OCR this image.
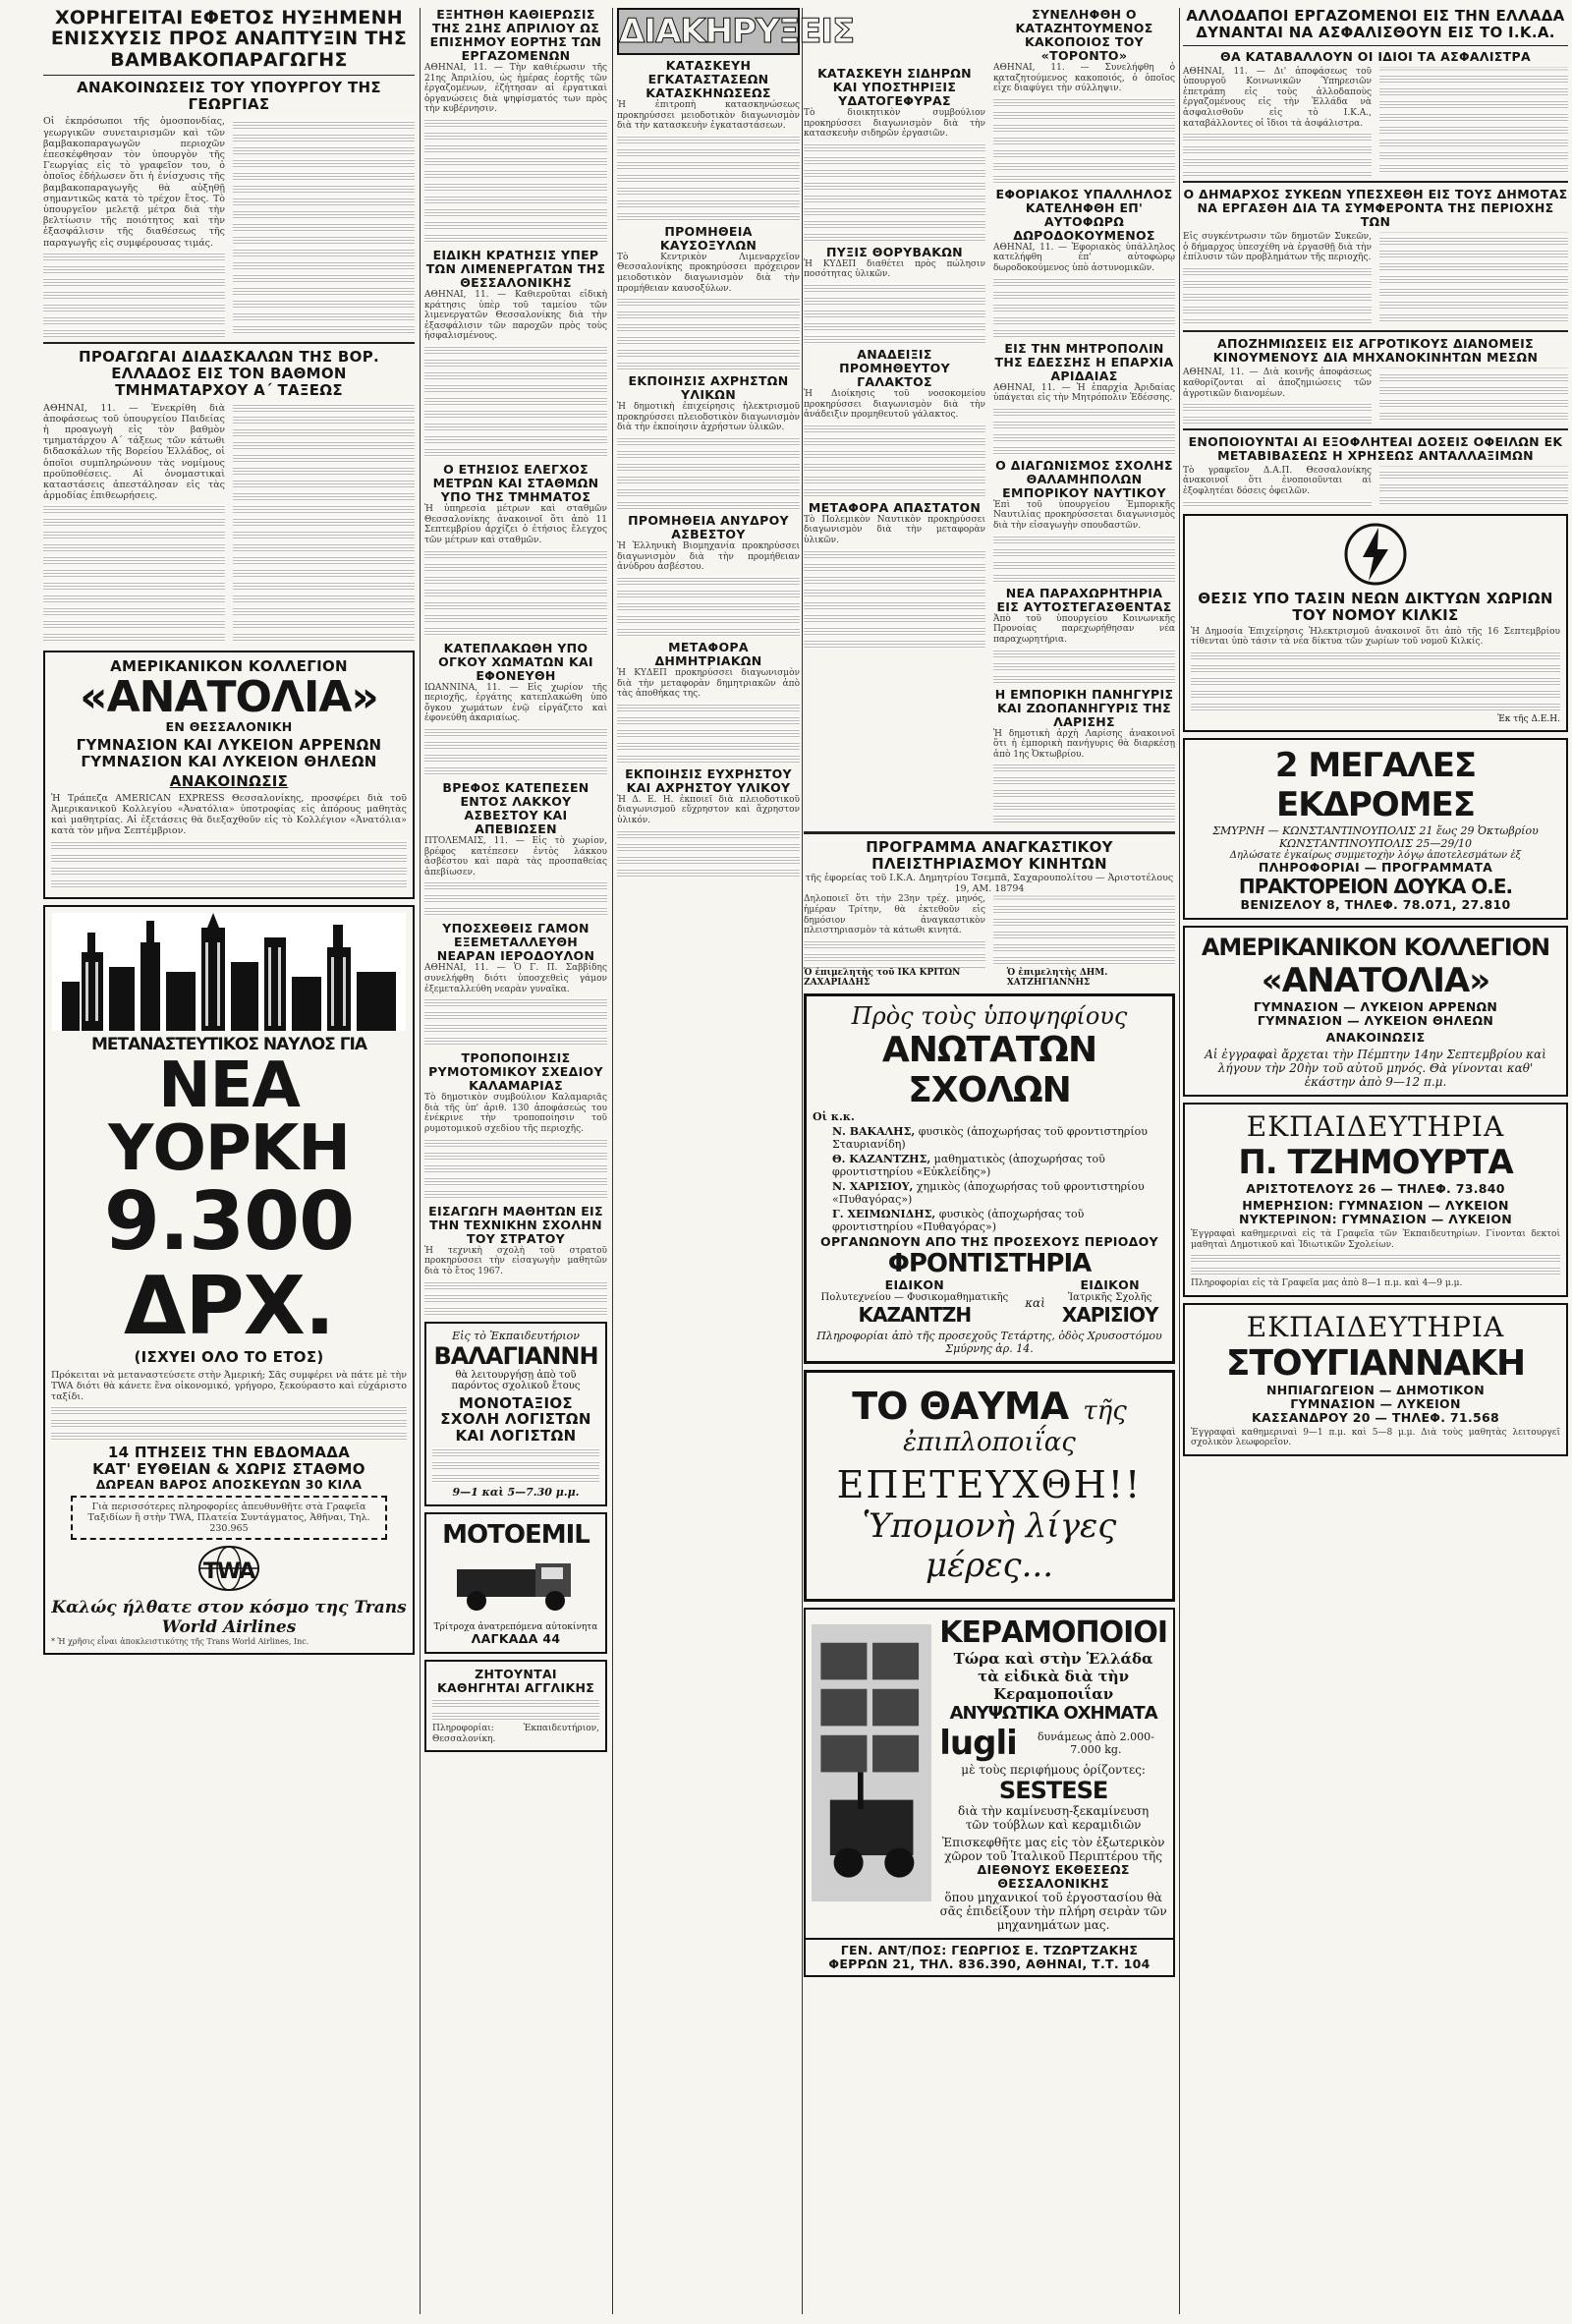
ΧΟΡΗΓΕΙΤΑΙ ΕΦΕΤΟΣ ΗΥΞΗΜΕΝΗ ΕΝΙΣΧΥΣΙΣ ΠΡΟΣ ΑΝΑΠΤΥΞΙΝ ΤΗΣ ΒΑΜΒΑΚΟΠΑΡΑΓΩΓΗΣ
ΑΝΑΚΟΙΝΩΣΕΙΣ ΤΟΥ ΥΠΟΥΡΓΟΥ ΤΗΣ ΓΕΩΡΓΙΑΣ

Οἱ ἐκπρόσωποι τῆς ὁμοσπονδίας, γεωργικῶν συνεταιρισμῶν καὶ τῶν βαμβακοπαραγωγῶν περιοχῶν ἐπεσκέφθησαν τὸν ὑπουργὸν τῆς Γεωργίας εἰς τὸ γραφεῖον του, ὁ ὁποῖος ἐδήλωσεν ὅτι ἡ ἐνίσχυσις τῆς βαμβακοπαραγωγῆς θὰ αὐξηθῇ σημαντικῶς κατὰ τὸ τρέχον ἔτος. Τὸ ὑπουργεῖον μελετᾷ μέτρα διὰ τὴν βελτίωσιν τῆς ποιότητος καὶ τὴν ἐξασφάλισιν τῆς διαθέσεως τῆς παραγωγῆς εἰς συμφέρουσας τιμάς.

ΠΡΟΑΓΩΓΑΙ ΔΙΔΑΣΚΑΛΩΝ ΤΗΣ ΒΟΡ. ΕΛΛΑΔΟΣ ΕΙΣ ΤΟΝ ΒΑΘΜΟΝ ΤΜΗΜΑΤΑΡΧΟΥ Α΄ ΤΑΞΕΩΣ

ΑΘΗΝΑΙ, 11. — Ἐνεκρίθη διὰ ἀποφάσεως τοῦ ὑπουργείου Παιδείας ἡ προαγωγὴ εἰς τὸν βαθμὸν τμηματάρχου Α΄ τάξεως τῶν κάτωθι διδασκάλων τῆς Βορείου Ἑλλάδος, οἱ ὁποῖοι συμπληρώνουν τὰς νομίμους προϋποθέσεις. Αἱ ὀνομαστικαὶ καταστάσεις ἀπεστάλησαν εἰς τὰς ἁρμοδίας ἐπιθεωρήσεις.

ΑΜΕΡΙΚΑΝΙΚΟΝ ΚΟΛΛΕΓΙΟΝ
«ΑΝΑΤΟΛΙΑ»
ΕΝ ΘΕΣΣΑΛΟΝΙΚΗ
ΓΥΜΝΑΣΙΟΝ ΚΑΙ ΛΥΚΕΙΟΝ ΑΡΡΕΝΩΝ
ΓΥΜΝΑΣΙΟΝ ΚΑΙ ΛΥΚΕΙΟΝ ΘΗΛΕΩΝ
ΑΝΑΚΟΙΝΩΣΙΣ

Ἡ Τράπεζα AMERICAN EXPRESS Θεσσαλονίκης, προσφέρει διὰ τοῦ Ἀμερικανικοῦ Κολλεγίου «Ἀνατόλια» ὑποτροφίας εἰς ἀπόρους μαθητὰς καὶ μαθητρίας. Αἱ ἐξετάσεις θὰ διεξαχθοῦν εἰς τὸ Κολλέγιον «Ἀνατόλια» κατὰ τὸν μῆνα Σεπτέμβριον.

ΜΕΤΑΝΑΣΤΕΥΤΙΚΟΣ ΝΑΥΛΟΣ ΓΙΑ
ΝΕΑ ΥΟΡΚΗ
9.300 ΔΡΧ.
(ΙΣΧΥΕΙ ΟΛΟ ΤΟ ΕΤΟΣ)

Πρόκειται νὰ μεταναστεύσετε στὴν Ἀμερική; Σᾶς συμφέρει νὰ πάτε μὲ τὴν TWA διότι θὰ κάνετε ἕνα οἰκονομικό, γρήγορο, ξεκούραστο καὶ εὐχάριστο ταξίδι.

14 ΠΤΗΣΕΙΣ ΤΗΝ ΕΒΔΟΜΑΔΑ
ΚΑΤ' ΕΥΘΕΙΑΝ & ΧΩΡΙΣ ΣΤΑΘΜΟ
ΔΩΡΕΑΝ ΒΑΡΟΣ ΑΠΟΣΚΕΥΩΝ 30 ΚΙΛΑ

Γιὰ περισσότερες πληροφορίες ἀπευθυνθῆτε στὰ Γραφεῖα Ταξιδίων ἢ στὴν TWA, Πλατεία Συντάγματος, Ἀθῆναι, Τηλ. 230.965

TWA
Καλώς ήλθατε στον κόσμο της Trans World Airlines

* Ἡ χρῆσις εἶναι ἀποκλειστικότης τῆς Trans World Airlines, Inc.

ΕΞΗΤΗΘΗ ΚΑΘΙΕΡΩΣΙΣ ΤΗΣ 21ΗΣ ΑΠΡΙΛΙΟΥ ΩΣ ΕΠΙΣΗΜΟΥ ΕΟΡΤΗΣ ΤΩΝ ΕΡΓΑΖΟΜΕΝΩΝ

ΑΘΗΝΑΙ, 11. — Τὴν καθιέρωσιν τῆς 21ης Ἀπριλίου, ὡς ἡμέρας ἑορτῆς τῶν ἐργαζομένων, ἐζήτησαν αἱ ἐργατικαὶ ὀργανώσεις διὰ ψηφίσματός των πρὸς τὴν κυβέρνησιν.

ΕΙΔΙΚΗ ΚΡΑΤΗΣΙΣ ΥΠΕΡ ΤΩΝ ΛΙΜΕΝΕΡΓΑΤΩΝ ΤΗΣ ΘΕΣΣΑΛΟΝΙΚΗΣ

ΑΘΗΝΑΙ, 11. — Καθιεροῦται εἰδικὴ κράτησις ὑπὲρ τοῦ ταμείου τῶν λιμενεργατῶν Θεσσαλονίκης διὰ τὴν ἐξασφάλισιν τῶν παροχῶν πρὸς τοὺς ἠσφαλισμένους.

Ο ΕΤΗΣΙΟΣ ΕΛΕΓΧΟΣ ΜΕΤΡΩΝ ΚΑΙ ΣΤΑΘΜΩΝ ΥΠΟ ΤΗΣ ΤΜΗΜΑΤΟΣ

Ἡ ὑπηρεσία μέτρων καὶ σταθμῶν Θεσσαλονίκης ἀνακοινοῖ ὅτι ἀπὸ 11 Σεπτεμβρίου ἀρχίζει ὁ ἐτήσιος ἔλεγχος τῶν μέτρων καὶ σταθμῶν.

ΚΑΤΕΠΛΑΚΩΘΗ ΥΠΟ ΟΓΚΟΥ ΧΩΜΑΤΩΝ ΚΑΙ ΕΦΟΝΕΥΘΗ

ΙΩΑΝΝΙΝΑ, 11. — Εἰς χωρίον τῆς περιοχῆς, ἐργάτης κατεπλακώθη ὑπὸ ὄγκου χωμάτων ἐνῷ εἰργάζετο καὶ ἐφονεύθη ἀκαριαίως.

ΒΡΕΦΟΣ ΚΑΤΕΠΕΣΕΝ ΕΝΤΟΣ ΛΑΚΚΟΥ ΑΣΒΕΣΤΟΥ ΚΑΙ ΑΠΕΒΙΩΣΕΝ

ΠΤΟΛΕΜΑΙΣ, 11. — Εἰς τὸ χωρίον, βρέφος κατέπεσεν ἐντὸς λάκκου ἀσβέστου καὶ παρὰ τὰς προσπαθείας ἀπεβίωσεν.

ΥΠΟΣΧΕΘΕΙΣ ΓΑΜΟΝ ΕΞΕΜΕΤΑΛΛΕΥΘΗ ΝΕΑΡΑΝ ΙΕΡΟΔΟΥΛΟΝ

ΑΘΗΝΑΙ, 11. — Ὁ Γ. Π. Σαββίδης συνελήφθη διότι ὑποσχεθεὶς γάμον ἐξεμεταλλεύθη νεαρὰν γυναῖκα.

ΤΡΟΠΟΠΟΙΗΣΙΣ ΡΥΜΟΤΟΜΙΚΟΥ ΣΧΕΔΙΟΥ ΚΑΛΑΜΑΡΙΑΣ

Τὸ δημοτικὸν συμβούλιον Καλαμαριᾶς διὰ τῆς ὑπ' ἀριθ. 130 ἀποφάσεώς του ἐνέκρινε τὴν τροποποίησιν τοῦ ρυμοτομικοῦ σχεδίου τῆς περιοχῆς.

ΕΙΣΑΓΩΓΗ ΜΑΘΗΤΩΝ ΕΙΣ ΤΗΝ ΤΕΧΝΙΚΗΝ ΣΧΟΛΗΝ ΤΟΥ ΣΤΡΑΤΟΥ

Ἡ τεχνικὴ σχολὴ τοῦ στρατοῦ προκηρύσσει τὴν εἰσαγωγὴν μαθητῶν διὰ τὸ ἔτος 1967.

Εἰς τὸ Ἐκπαιδευτήριον
ΒΑΛΑΓΙΑΝΝΗ
θὰ λειτουργήσῃ ἀπὸ τοῦ παρόντος σχολικοῦ ἔτους
ΜΟΝΟΤΑΞΙΟΣ ΣΧΟΛΗ ΛΟΓΙΣΤΩΝ ΚΑΙ ΛΟΓΙΣΤΩΝ
9—1 καὶ 5—7.30 μ.μ.
MOTOEMIL
Τρίτροχα ἀνατρεπόμενα αὐτοκίνητα
ΛΑΓΚΑΔΑ 44
ΖΗΤΟΥΝΤΑΙ ΚΑΘΗΓΗΤΑΙ ΑΓΓΛΙΚΗΣ

Πληροφορίαι: Ἐκπαιδευτήριον, Θεσσαλονίκη.

ΔΙΑΚΗΡΥΞΕΙΣ
ΚΑΤΑΣΚΕΥΗ ΕΓΚΑΤΑΣΤΑΣΕΩΝ ΚΑΤΑΣΚΗΝΩΣΕΩΣ

Ἡ ἐπιτροπὴ κατασκηνώσεως προκηρύσσει μειοδοτικὸν διαγωνισμὸν διὰ τὴν κατασκευὴν ἐγκαταστάσεων.

ΠΡΟΜΗΘΕΙΑ ΚΑΥΣΟΞΥΛΩΝ

Τὸ Κεντρικὸν Λιμεναρχεῖον Θεσσαλονίκης προκηρύσσει πρόχειρον μειοδοτικὸν διαγωνισμὸν διὰ τὴν προμήθειαν καυσοξύλων.

ΕΚΠΟΙΗΣΙΣ ΑΧΡΗΣΤΩΝ ΥΛΙΚΩΝ

Ἡ δημοτικὴ ἐπιχείρησις ἠλεκτρισμοῦ προκηρύσσει πλειοδοτικὸν διαγωνισμὸν διὰ τὴν ἐκποίησιν ἀχρήστων ὑλικῶν.

ΠΡΟΜΗΘΕΙΑ ΑΝΥΔΡΟΥ ΑΣΒΕΣΤΟΥ

Ἡ Ἑλληνικὴ Βιομηχανία προκηρύσσει διαγωνισμὸν διὰ τὴν προμήθειαν ἀνύδρου ἀσβέστου.

ΜΕΤΑΦΟΡΑ ΔΗΜΗΤΡΙΑΚΩΝ

Ἡ ΚΥΔΕΠ προκηρύσσει διαγωνισμὸν διὰ τὴν μεταφορὰν δημητριακῶν ἀπὸ τὰς ἀποθήκας της.

ΕΚΠΟΙΗΣΙΣ ΕΥΧΡΗΣΤΟΥ ΚΑΙ ΑΧΡΗΣΤΟΥ ΥΛΙΚΟΥ

Ἡ Δ. Ε. Η. ἐκποιεῖ διὰ πλειοδοτικοῦ διαγωνισμοῦ εὔχρηστον καὶ ἄχρηστον ὑλικόν.

ΚΑΤΑΣΚΕΥΗ ΣΙΔΗΡΩΝ ΚΑΙ ΥΠΟΣΤΗΡΙΞΙΣ ΥΔΑΤΟΓΕΦΥΡΑΣ

Τὸ διοικητικὸν συμβούλιον προκηρύσσει διαγωνισμὸν διὰ τὴν κατασκευὴν σιδηρῶν ἐργασιῶν.

ΠΥΞΙΣ ΘΟΡΥΒΑΚΩΝ

Ἡ ΚΥΔΕΠ διαθέτει πρὸς πώλησιν ποσότητας ὑλικῶν.

ΑΝΑΔΕΙΞΙΣ ΠΡΟΜΗΘΕΥΤΟΥ ΓΑΛΑΚΤΟΣ

Ἡ Διοίκησις τοῦ νοσοκομείου προκηρύσσει διαγωνισμὸν διὰ τὴν ἀνάδειξιν προμηθευτοῦ γάλακτος.

ΜΕΤΑΦΟΡΑ ΑΠΑΣΤΑΤΟΝ

Τὸ Πολεμικὸν Ναυτικὸν προκηρύσσει διαγωνισμὸν διὰ τὴν μεταφορὰν ὑλικῶν.

ΣΥΝΕΛΗΦΘΗ Ο ΚΑΤΑΖΗΤΟΥΜΕΝΟΣ ΚΑΚΟΠΟΙΟΣ ΤΟΥ «ΤΟΡΟΝΤΟ»

ΑΘΗΝΑΙ, 11. — Συνελήφθη ὁ καταζητούμενος κακοποιός, ὁ ὁποῖος εἶχε διαφύγει τὴν σύλληψιν.

ΕΦΟΡΙΑΚΟΣ ΥΠΑΛΛΗΛΟΣ ΚΑΤΕΛΗΦΘΗ ΕΠ' ΑΥΤΟΦΩΡΩ ΔΩΡΟΔΟΚΟΥΜΕΝΟΣ

ΑΘΗΝΑΙ, 11. — Ἐφοριακὸς ὑπάλληλος κατελήφθη ἐπ' αὐτοφώρῳ δωροδοκούμενος ὑπὸ ἀστυνομικῶν.

ΕΙΣ ΤΗΝ ΜΗΤΡΟΠΟΛΙΝ ΤΗΣ ΕΔΕΣΣΗΣ Η ΕΠΑΡΧΙΑ ΑΡΙΔΑΙΑΣ

ΑΘΗΝΑΙ, 11. — Ἡ ἐπαρχία Ἀριδαίας ὑπάγεται εἰς τὴν Μητρόπολιν Ἐδέσσης.

Ο ΔΙΑΓΩΝΙΣΜΟΣ ΣΧΟΛΗΣ ΘΑΛΑΜΗΠΟΛΩΝ ΕΜΠΟΡΙΚΟΥ ΝΑΥΤΙΚΟΥ

Ἐπὶ τοῦ ὑπουργείου Ἐμπορικῆς Ναυτιλίας προκηρύσσεται διαγωνισμὸς διὰ τὴν εἰσαγωγὴν σπουδαστῶν.

ΝΕΑ ΠΑΡΑΧΩΡΗΤΗΡΙΑ ΕΙΣ ΑΥΤΟΣΤΕΓΑΣΘΕΝΤΑΣ

Ἀπὸ τοῦ ὑπουργείου Κοινωνικῆς Προνοίας παρεχωρήθησαν νέα παραχωρητήρια.

Η ΕΜΠΟΡΙΚΗ ΠΑΝΗΓΥΡΙΣ ΚΑΙ ΖΩΟΠΑΝΗΓΥΡΙΣ ΤΗΣ ΛΑΡΙΣΗΣ

Ἡ δημοτικὴ ἀρχὴ Λαρίσης ἀνακοινοῖ ὅτι ἡ ἐμπορικὴ πανήγυρις θὰ διαρκέσῃ ἀπὸ 1ης Ὀκτωβρίου.

ΠΡΟΓΡΑΜΜΑ ΑΝΑΓΚΑΣΤΙΚΟΥ ΠΛΕΙΣΤΗΡΙΑΣΜΟΥ ΚΙΝΗΤΩΝ

τῆς ἐφορείας τοῦ Ι.Κ.Α. Δημητρίου Τσεμπᾶ, Σαχαρουπολίτου — Ἀριστοτέλους 19, ΑΜ. 18794

Δηλοποιεῖ ὅτι τὴν 23ην τρέχ. μηνός, ἡμέραν Τρίτην, θὰ ἐκτεθοῦν εἰς δημόσιον ἀναγκαστικὸν πλειστηριασμὸν τὰ κάτωθι κινητά.

Ὁ ἐπιμελητὴς τοῦ ΙΚΑ ΚΡΙΤΩΝ ΖΑΧΑΡΙΑΔΗΣ
Ὁ ἐπιμελητὴς ΔΗΜ. ΧΑΤΖΗΓΙΑΝΝΗΣ
Πρὸς τοὺς ὑποψηφίους
ΑΝΩΤΑΤΩΝ ΣΧΟΛΩΝ
Οἱ κ.κ.
Ν. ΒΑΚΑΛΗΣ, φυσικὸς (ἀποχωρήσας τοῦ φροντιστηρίου Σταυριανίδη)
Θ. ΚΑΖΑΝΤΖΗΣ, μαθηματικὸς (ἀποχωρήσας τοῦ φροντιστηρίου «Εὐκλείδης»)
Ν. ΧΑΡΙΣΙΟΥ, χημικὸς (ἀποχωρήσας τοῦ φροντιστηρίου «Πυθαγόρας»)
Γ. ΧΕΙΜΩΝΙΔΗΣ, φυσικὸς (ἀποχωρήσας τοῦ φροντιστηρίου «Πυθαγόρας»)
ΟΡΓΑΝΩΝΟΥΝ ΑΠΟ ΤΗΣ ΠΡΟΣΕΧΟΥΣ ΠΕΡΙΟΔΟΥ
ΦΡΟΝΤΙΣΤΗΡΙΑ
ΕΙΔΙΚΟΝ
Πολυτεχνείου — Φυσικομαθηματικῆς
ΚΑΖΑΝΤΖΗ
καὶ
ΕΙΔΙΚΟΝ
Ἰατρικῆς Σχολῆς
ΧΑΡΙΣΙΟΥ

Πληροφορίαι ἀπὸ τῆς προσεχοῦς Τετάρτης, ὁδὸς Χρυσοστόμου Σμύρνης ἀρ. 14.

ΤΟ ΘΑΥΜΑ τῆς ἐπιπλοποιΐας
ΕΠΕΤΕΥΧΘΗ!!
Ὑπομονὴ λίγες μέρες...
ΚΕΡΑΜΟΠΟΙΟΙ
Τώρα καὶ στὴν Ἑλλάδα
τὰ εἰδικὰ διὰ τὴν Κεραμοποιΐαν
ΑΝΥΨΩΤΙΚΑ ΟΧΗΜΑΤΑ
lugli	δυνάμεως ἀπὸ 2.000-7.000 kg.
μὲ τοὺς περιφήμους ὁρίζοντες:
SESTESE
διὰ τὴν καμίνευση-ξεκαμίνευση
τῶν τούβλων καὶ κεραμιδιῶν
Ἐπισκεφθῆτε μας εἰς τὸν ἐξωτερικὸν χῶρον τοῦ Ἰταλικοῦ Περιπτέρου τῆς
ΔΙΕΘΝΟΥΣ ΕΚΘΕΣΕΩΣ ΘΕΣΣΑΛΟΝΙΚΗΣ
ὅπου μηχανικοί τοῦ ἐργοστασίου θὰ σᾶς ἐπιδείξουν τὴν πλήρη σειρὰν τῶν μηχανημάτων μας.
ΓΕΝ. ΑΝΤ/ΠΟΣ: ΓΕΩΡΓΙΟΣ Ε. ΤΖΩΡΤΖΑΚΗΣ
ΦΕΡΡΩΝ 21, ΤΗΛ. 836.390, ΑΘΗΝΑΙ, Τ.Τ. 104
ΑΛΛΟΔΑΠΟΙ ΕΡΓΑΖΟΜΕΝΟΙ ΕΙΣ ΤΗΝ ΕΛΛΑΔΑ ΔΥΝΑΝΤΑΙ ΝΑ ΑΣΦΑΛΙΣΘΟΥΝ ΕΙΣ ΤΟ Ι.Κ.Α.
ΘΑ ΚΑΤΑΒΑΛΛΟΥΝ ΟΙ ΙΔΙΟΙ ΤΑ ΑΣΦΑΛΙΣΤΡΑ

ΑΘΗΝΑΙ, 11. — Δι' ἀποφάσεως τοῦ ὑπουργοῦ Κοινωνικῶν Ὑπηρεσιῶν ἐπετράπη εἰς τοὺς ἀλλοδαποὺς ἐργαζομένους εἰς τὴν Ἑλλάδα νὰ ἀσφαλισθοῦν εἰς τὸ Ι.Κ.Α., καταβάλλοντες οἱ ἴδιοι τὰ ἀσφάλιστρα.

Ο ΔΗΜΑΡΧΟΣ ΣΥΚΕΩΝ ΥΠΕΣΧΕΘΗ ΕΙΣ ΤΟΥΣ ΔΗΜΟΤΑΣ ΝΑ ΕΡΓΑΣΘΗ ΔΙΑ ΤΑ ΣΥΜΦΕΡΟΝΤΑ ΤΗΣ ΠΕΡΙΟΧΗΣ ΤΩΝ

Εἰς συγκέντρωσιν τῶν δημοτῶν Συκεῶν, ὁ δήμαρχος ὑπεσχέθη νὰ ἐργασθῇ διὰ τὴν ἐπίλυσιν τῶν προβλημάτων τῆς περιοχῆς.

ΑΠΟΖΗΜΙΩΣΕΙΣ ΕΙΣ ΑΓΡΟΤΙΚΟΥΣ ΔΙΑΝΟΜΕΙΣ ΚΙΝΟΥΜΕΝΟΥΣ ΔΙΑ ΜΗΧΑΝΟΚΙΝΗΤΩΝ ΜΕΣΩΝ

ΑΘΗΝΑΙ, 11. — Διὰ κοινῆς ἀποφάσεως καθορίζονται αἱ ἀποζημιώσεις τῶν ἀγροτικῶν διανομέων.

ΕΝΟΠΟΙΟΥΝΤΑΙ ΑΙ ΕΞΟΦΛΗΤΕΑΙ ΔΟΣΕΙΣ ΟΦΕΙΛΩΝ ΕΚ ΜΕΤΑΒΙΒΑΣΕΩΣ Η ΧΡΗΣΕΩΣ ΑΝΤΑΛΛΑΞΙΜΩΝ

Τὸ γραφεῖον Δ.Α.Π. Θεσσαλονίκης ἀνακοινοῖ ὅτι ἑνοποιοῦνται αἱ ἐξοφλητέαι δόσεις ὀφειλῶν.

ΘΕΣΙΣ ΥΠΟ ΤΑΣΙΝ ΝΕΩΝ ΔΙΚΤΥΩΝ ΧΩΡΙΩΝ ΤΟΥ ΝΟΜΟΥ ΚΙΛΚΙΣ

Ἡ Δημοσία Ἐπιχείρησις Ἠλεκτρισμοῦ ἀνακοινοῖ ὅτι ἀπὸ τῆς 16 Σεπτεμβρίου τίθενται ὑπὸ τάσιν τὰ νέα δίκτυα τῶν χωρίων τοῦ νομοῦ Κιλκίς.

Ἐκ τῆς Δ.Ε.Η.
2 ΜΕΓΑΛΕΣ ΕΚΔΡΟΜΕΣ
ΣΜΥΡΝΗ — ΚΩΝΣΤΑΝΤΙΝΟΥΠΟΛΙΣ 21 ἕως 29 Ὀκτωβρίου
ΚΩΝΣΤΑΝΤΙΝΟΥΠΟΛΙΣ 25—29/10
Δηλώσατε ἐγκαίρως συμμετοχὴν λόγῳ ἀποτελεσμάτων ἐξ
ΠΛΗΡΟΦΟΡΙΑΙ — ΠΡΟΓΡΑΜΜΑΤΑ
ΠΡΑΚΤΟΡΕΙΟΝ ΔΟΥΚΑ Ο.Ε.
ΒΕΝΙΖΕΛΟΥ 8, ΤΗΛΕΦ. 78.071, 27.810
ΑΜΕΡΙΚΑΝΙΚΟΝ ΚΟΛΛΕΓΙΟΝ
«ΑΝΑΤΟΛΙΑ»
ΓΥΜΝΑΣΙΟΝ — ΛΥΚΕΙΟΝ ΑΡΡΕΝΩΝ
ΓΥΜΝΑΣΙΟΝ — ΛΥΚΕΙΟΝ ΘΗΛΕΩΝ
ΑΝΑΚΟΙΝΩΣΙΣ

Αἱ ἐγγραφαὶ ἄρχεται τὴν Πέμπτην 14ην Σεπτεμβρίου καὶ λήγουν τὴν 20ὴν τοῦ αὐτοῦ μηνός. Θὰ γίνονται καθ' ἑκάστην ἀπὸ 9—12 π.μ.

ΕΚΠΑΙΔΕΥΤΗΡΙΑ
Π. ΤΖΗΜΟΥΡΤΑ
ΑΡΙΣΤΟΤΕΛΟΥΣ 26 — ΤΗΛΕΦ. 73.840
ΗΜΕΡΗΣΙΟΝ: ΓΥΜΝΑΣΙΟΝ — ΛΥΚΕΙΟΝ
ΝΥΚΤΕΡΙΝΟΝ: ΓΥΜΝΑΣΙΟΝ — ΛΥΚΕΙΟΝ

Ἐγγραφαὶ καθημεριναὶ εἰς τὰ Γραφεῖα τῶν Ἐκπαιδευτηρίων. Γίνονται δεκτοὶ μαθηταὶ Δημοτικοῦ καὶ Ἰδιωτικῶν Σχολείων.

Πληροφορίαι εἰς τὰ Γραφεῖα μας ἀπὸ 8—1 π.μ. καὶ 4—9 μ.μ.

ΕΚΠΑΙΔΕΥΤΗΡΙΑ
ΣΤΟΥΓΙΑΝΝΑΚΗ
ΝΗΠΙΑΓΩΓΕΙΟΝ — ΔΗΜΟΤΙΚΟΝ
ΓΥΜΝΑΣΙΟΝ — ΛΥΚΕΙΟΝ
ΚΑΣΣΑΝΔΡΟΥ 20 — ΤΗΛΕΦ. 71.568

Ἐγγραφαὶ καθημεριναὶ 9—1 π.μ. καὶ 5—8 μ.μ. Διὰ τοὺς μαθητὰς λειτουργεῖ σχολικὸν λεωφορεῖον.
